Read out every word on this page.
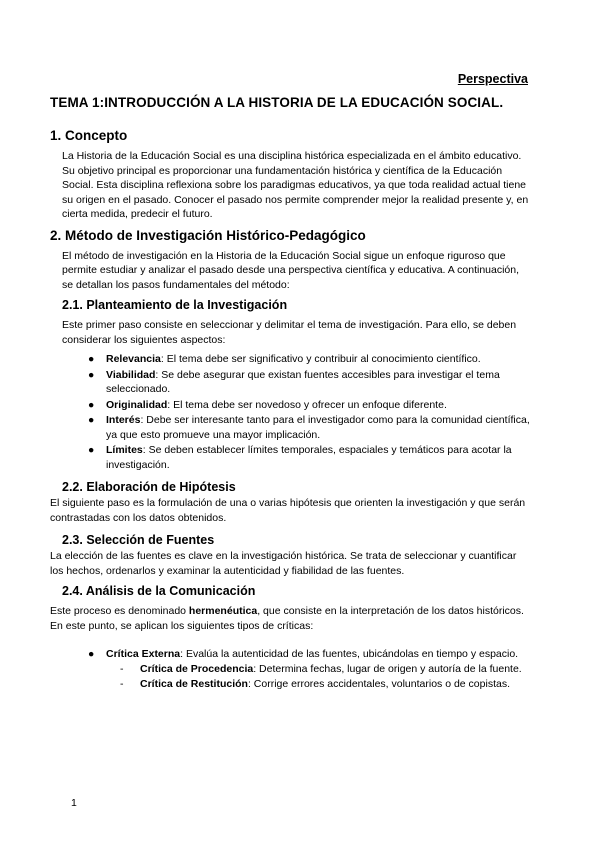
Perspectiva
TEMA 1:INTRODUCCIÓN A LA HISTORIA DE LA EDUCACIÓN SOCIAL.
1. Concepto

La Historia de la Educación Social es una disciplina histórica especializada en el ámbito educativo. Su objetivo principal es proporcionar una fundamentación histórica y científica de la Educación Social. Esta disciplina reflexiona sobre los paradigmas educativos, ya que toda realidad actual tiene su origen en el pasado. Conocer el pasado nos permite comprender mejor la realidad presente y, en cierta medida, predecir el futuro.

2. Método de Investigación Histórico-Pedagógico

El método de investigación en la Historia de la Educación Social sigue un enfoque riguroso que permite estudiar y analizar el pasado desde una perspectiva científica y educativa. A continuación, se detallan los pasos fundamentales del método:

2.1. Planteamiento de la Investigación

Este primer paso consiste en seleccionar y delimitar el tema de investigación. Para ello, se deben considerar los siguientes aspectos:

● Relevancia: El tema debe ser significativo y contribuir al conocimiento científico.
● Viabilidad: Se debe asegurar que existan fuentes accesibles para investigar el tema seleccionado.
● Originalidad: El tema debe ser novedoso y ofrecer un enfoque diferente.
● Interés: Debe ser interesante tanto para el investigador como para la comunidad científica, ya que esto promueve una mayor implicación.
● Límites: Se deben establecer límites temporales, espaciales y temáticos para acotar la investigación.
2.2. Elaboración de Hipótesis

El siguiente paso es la formulación de una o varias hipótesis que orienten la investigación y que serán contrastadas con los datos obtenidos.

2.3. Selección de Fuentes

La elección de las fuentes es clave en la investigación histórica. Se trata de seleccionar y cuantificar los hechos, ordenarlos y examinar la autenticidad y fiabilidad de las fuentes.

2.4. Análisis de la Comunicación

Este proceso es denominado hermenéutica, que consiste en la interpretación de los datos históricos. En este punto, se aplican los siguientes tipos de críticas:

● Crítica Externa: Evalúa la autenticidad de las fuentes, ubicándolas en tiempo y espacio.
- Crítica de Procedencia: Determina fechas, lugar de origen y autoría de la fuente.
- Crítica de Restitución: Corrige errores accidentales, voluntarios o de copistas.
1
